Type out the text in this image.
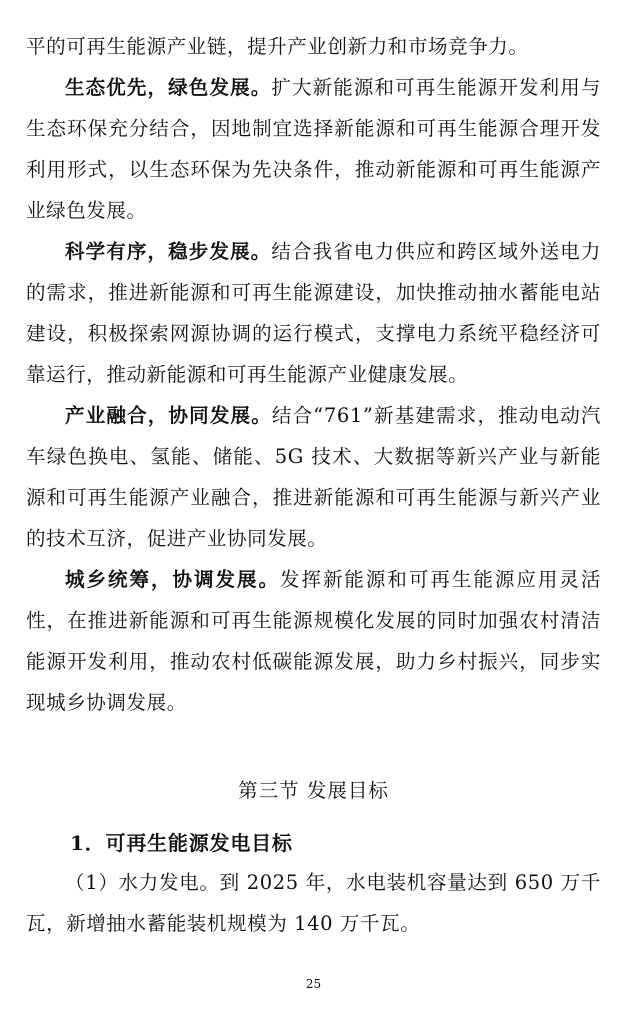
平的可再生能源产业链，提升产业创新力和市场竞争力。

生态优先，绿色发展。扩大新能源和可再生能源开发利用与生态环保充分结合，因地制宜选择新能源和可再生能源合理开发利用形式，以生态环保为先决条件，推动新能源和可再生能源产业绿色发展。

科学有序，稳步发展。结合我省电力供应和跨区域外送电力的需求，推进新能源和可再生能源建设，加快推动抽水蓄能电站建设，积极探索网源协调的运行模式，支撑电力系统平稳经济可靠运行，推动新能源和可再生能源产业健康发展。

产业融合，协同发展。结合“761”新基建需求，推动电动汽车绿色换电、氢能、储能、5G 技术、大数据等新兴产业与新能源和可再生能源产业融合，推进新能源和可再生能源与新兴产业的技术互济，促进产业协同发展。

城乡统筹，协调发展。发挥新能源和可再生能源应用灵活性，在推进新能源和可再生能源规模化发展的同时加强农村清洁能源开发利用，推动农村低碳能源发展，助力乡村振兴，同步实现城乡协调发展。

第三节 发展目标
1．可再生能源发电目标

（1）水力发电。到 2025 年，水电装机容量达到 650 万千瓦，新增抽水蓄能装机规模为 140 万千瓦。

25
